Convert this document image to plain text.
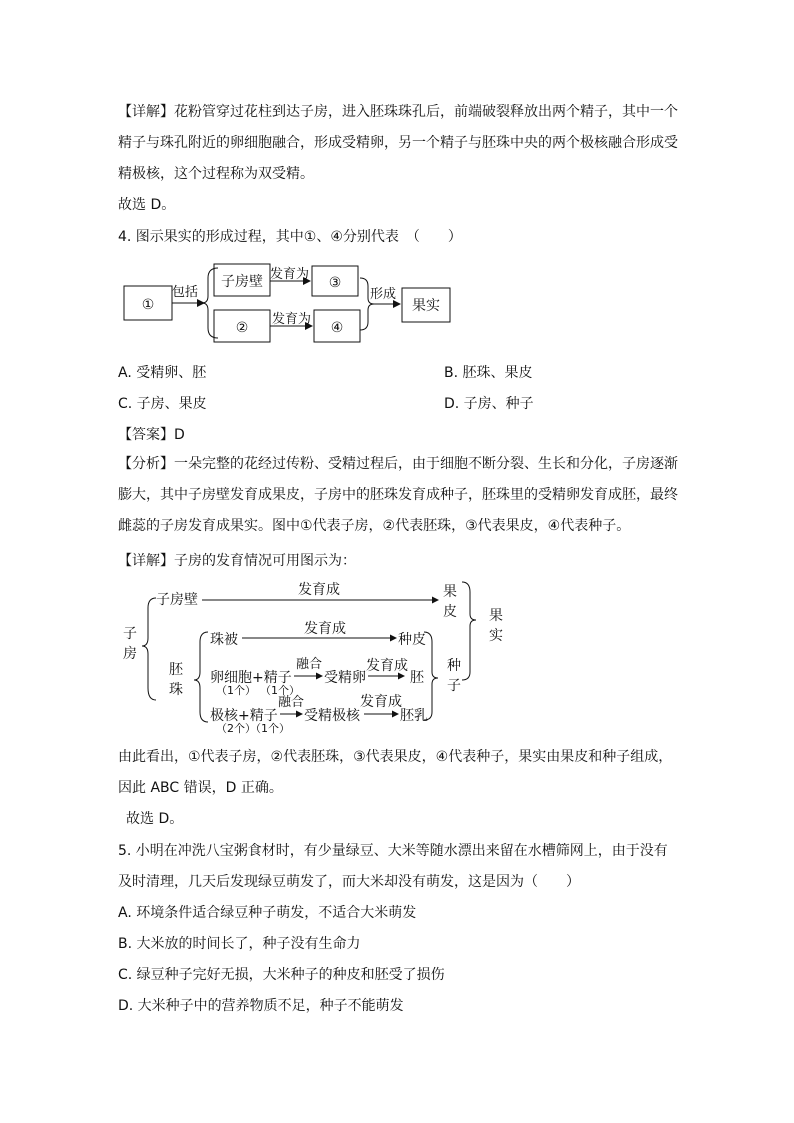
【详解】花粉管穿过花柱到达子房，进入胚珠珠孔后，前端破裂释放出两个精子，其中一个精子与珠孔附近的卵细胞融合，形成受精卵，另一个精子与胚珠中央的两个极核融合形成受精极核，这个过程称为双受精。

故选 D。

4. 图示果实的形成过程，其中①、④分别代表　（　　）

①
包括
子房壁
②
发育为
发育为
③
④
形成
果实
A. 受精卵、胚	B. 胚珠、果皮
C. 子房、果皮	D. 子房、种子

【答案】D

【分析】一朵完整的花经过传粉、受精过程后，由于细胞不断分裂、生长和分化，子房逐渐膨大，其中子房壁发育成果皮，子房中的胚珠发育成种子，胚珠里的受精卵发育成胚，最终雌蕊的子房发育成果实。图中①代表子房，②代表胚珠，③代表果皮，④代表种子。

【详解】子房的发育情况可用图示为：

子
房
子房壁
发育成	果
皮 果
实
胚
珠
珠被
发育成
种皮
卵细胞+精子
（1个） （1个）
融合
受精卵
发育成
胚
极核+精子
（2个）
（1个）
融合
受精极核
发育成
胚乳
种
子

由此看出，①代表子房，②代表胚珠，③代表果皮，④代表种子，果实由果皮和种子组成，因此 ABC 错误，D 正确。

故选 D。

5. 小明在冲洗八宝粥食材时，有少量绿豆、大米等随水漂出来留在水槽筛网上，由于没有及时清理，几天后发现绿豆萌发了，而大米却没有萌发，这是因为（　　）

A. 环境条件适合绿豆种子萌发，不适合大米萌发

B. 大米放的时间长了，种子没有生命力

C. 绿豆种子完好无损，大米种子的种皮和胚受了损伤

D. 大米种子中的营养物质不足，种子不能萌发
